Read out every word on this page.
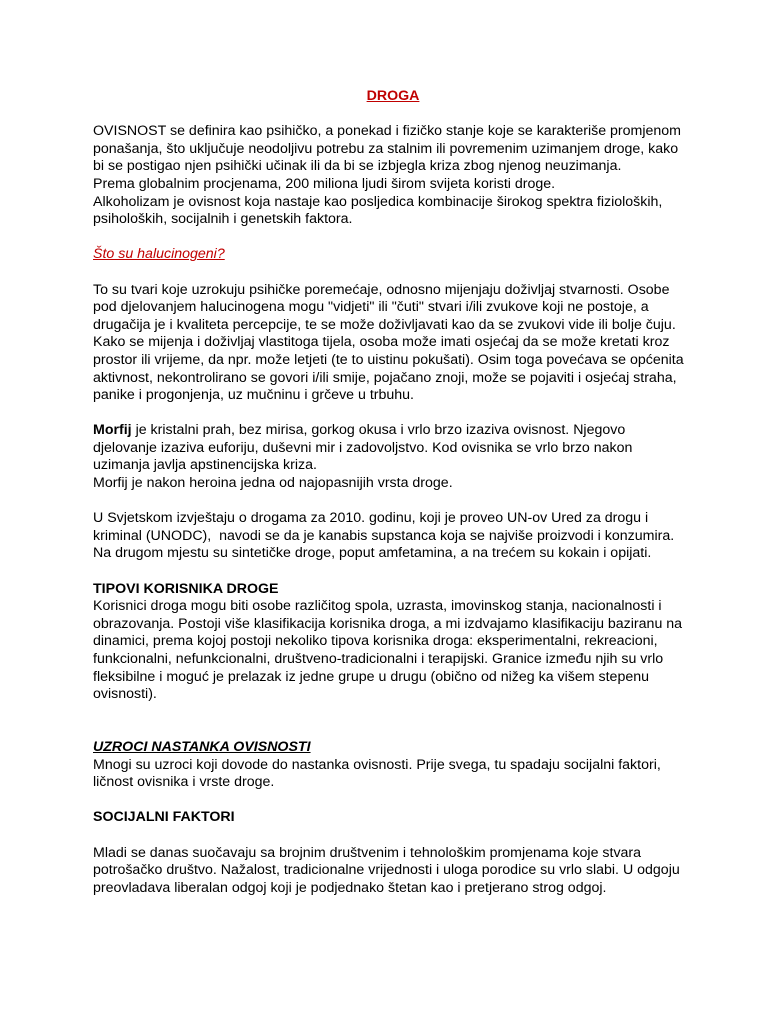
DROGA

OVISNOST se definira kao psihičko, a ponekad i fizičko stanje koje se karakteriše promjenom ponašanja, što uključuje neodoljivu potrebu za stalnim ili povremenim uzimanjem droge, kako bi se postigao njen psihički učinak ili da bi se izbjegla kriza zbog njenog neuzimanja.

Prema globalnim procjenama, 200 miliona ljudi širom svijeta koristi droge.

Alkoholizam je ovisnost koja nastaje kao posljedica kombinacije širokog spektra fizioloških, psiholoških, socijalnih i genetskih faktora.

Što su halucinogeni?

To su tvari koje uzrokuju psihičke poremećaje, odnosno mijenjaju doživljaj stvarnosti. Osobe pod djelovanjem halucinogena mogu "vidjeti" ili "čuti" stvari i/ili zvukove koji ne postoje, a drugačija je i kvaliteta percepcije, te se može doživljavati kao da se zvukovi vide ili bolje čuju. Kako se mijenja i doživljaj vlastitoga tijela, osoba može imati osjećaj da se može kretati kroz prostor ili vrijeme, da npr. može letjeti (te to uistinu pokušati). Osim toga povećava se općenita aktivnost, nekontrolirano se govori i/ili smije, pojačano znoji, može se pojaviti i osjećaj straha, panike i progonjenja, uz mučninu i grčeve u trbuhu.

Morfij je kristalni prah, bez mirisa, gorkog okusa i vrlo brzo izaziva ovisnost. Njegovo djelovanje izaziva euforiju, duševni mir i zadovoljstvo. Kod ovisnika se vrlo brzo nakon uzimanja javlja apstinencijska kriza.

Morfij je nakon heroina jedna od najopasnijih vrsta droge.

U Svjetskom izvještaju o drogama za 2010. godinu, koji je proveo UN-ov Ured za drogu i kriminal (UNODC),  navodi se da je kanabis supstanca koja se najviše proizvodi i konzumira. Na drugom mjestu su sintetičke droge, poput amfetamina, a na trećem su kokain i opijati.

TIPOVI KORISNIKA DROGE

Korisnici droga mogu biti osobe različitog spola, uzrasta, imovinskog stanja, nacionalnosti i obrazovanja. Postoji više klasifikacija korisnika droga, a mi izdvajamo klasifikaciju baziranu na dinamici, prema kojoj postoji nekoliko tipova korisnika droga: eksperimentalni, rekreacioni, funkcionalni, nefunkcionalni, društveno-tradicionalni i terapijski. Granice između njih su vrlo fleksibilne i moguć je prelazak iz jedne grupe u drugu (obično od nižeg ka višem stepenu ovisnosti).

UZROCI NASTANKA OVISNOSTI

Mnogi su uzroci koji dovode do nastanka ovisnosti. Prije svega, tu spadaju socijalni faktori, ličnost ovisnika i vrste droge.

SOCIJALNI FAKTORI

Mladi se danas suočavaju sa brojnim društvenim i tehnološkim promjenama koje stvara potrošačko društvo. Nažalost, tradicionalne vrijednosti i uloga porodice su vrlo slabi. U odgoju preovladava liberalan odgoj koji je podjednako štetan kao i pretjerano strog odgoj.
